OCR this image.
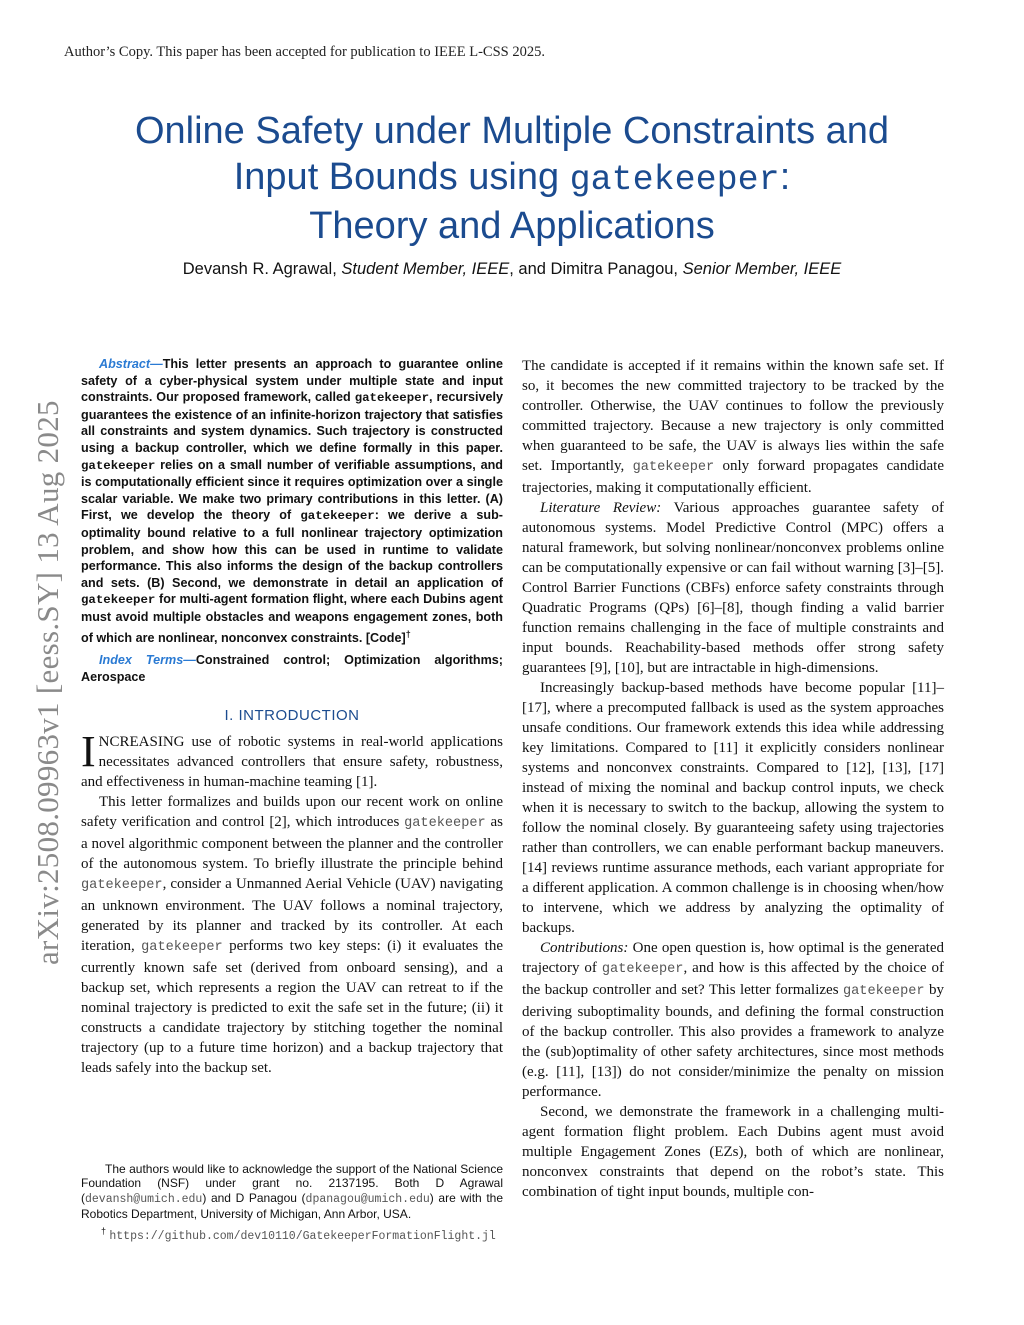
Author’s Copy. This paper has been accepted for publication to IEEE L-CSS 2025.
Online Safety under Multiple Constraints and
Input Bounds using gatekeeper:
Theory and Applications
Devansh R. Agrawal, Student Member, IEEE, and Dimitra Panagou, Senior Member, IEEE
arXiv:2508.09963v1 [eess.SY] 13 Aug 2025

Abstract—This letter presents an approach to guarantee online safety of a cyber-physical system under multiple state and input constraints. Our proposed framework, called gatekeeper, recursively guarantees the existence of an infinite-horizon trajectory that satisfies all constraints and system dynamics. Such trajectory is constructed using a backup controller, which we define formally in this paper. gatekeeper relies on a small number of verifiable assumptions, and is computationally efficient since it requires optimization over a single scalar variable. We make two primary contributions in this letter. (A) First, we develop the theory of gatekeeper: we derive a sub-optimality bound relative to a full nonlinear trajectory optimization problem, and show how this can be used in runtime to validate performance. This also informs the design of the backup controllers and sets. (B) Second, we demonstrate in detail an application of gatekeeper for multi-agent formation flight, where each Dubins agent must avoid multiple obstacles and weapons engagement zones, both of which are nonlinear, nonconvex constraints. [Code]†

Index Terms—Constrained control; Optimization algorithms; Aerospace

I. INTRODUCTION

INCREASING use of robotic systems in real-world applications necessitates advanced controllers that ensure safety, robustness, and effectiveness in human-machine teaming [1].

This letter formalizes and builds upon our recent work on online safety verification and control [2], which introduces gatekeeper as a novel algorithmic component between the planner and the controller of the autonomous system. To briefly illustrate the principle behind gatekeeper, consider a Unmanned Aerial Vehicle (UAV) navigating an unknown environment. The UAV follows a nominal trajectory, generated by its planner and tracked by its controller. At each iteration, gatekeeper performs two key steps: (i) it evaluates the currently known safe set (derived from onboard sensing), and a backup set, which represents a region the UAV can retreat to if the nominal trajectory is predicted to exit the safe set in the future; (ii) it constructs a candidate trajectory by stitching together the nominal trajectory (up to a future time horizon) and a backup trajectory that leads safely into the backup set.

The authors would like to acknowledge the support of the National Science Foundation (NSF) under grant no. 2137195. Both D Agrawal (devansh@umich.edu) and D Panagou (dpanagou@umich.edu) are with the Robotics Department, University of Michigan, Ann Arbor, USA.

† https://github.com/dev10110/GatekeeperFormationFlight.jl

The candidate is accepted if it remains within the known safe set. If so, it becomes the new committed trajectory to be tracked by the controller. Otherwise, the UAV continues to follow the previously committed trajectory. Because a new trajectory is only committed when guaranteed to be safe, the UAV is always lies within the safe set. Importantly, gatekeeper only forward propagates candidate trajectories, making it computationally efficient.

Literature Review: Various approaches guarantee safety of autonomous systems. Model Predictive Control (MPC) offers a natural framework, but solving nonlinear/nonconvex problems online can be computationally expensive or can fail without warning [3]–[5]. Control Barrier Functions (CBFs) enforce safety constraints through Quadratic Programs (QPs) [6]–[8], though finding a valid barrier function remains challenging in the face of multiple constraints and input bounds. Reachability-based methods offer strong safety guarantees [9], [10], but are intractable in high-dimensions.

Increasingly backup-based methods have become popular [11]–[17], where a precomputed fallback is used as the system approaches unsafe conditions. Our framework extends this idea while addressing key limitations. Compared to [11] it explicitly considers nonlinear systems and nonconvex constraints. Compared to [12], [13], [17] instead of mixing the nominal and backup control inputs, we check when it is necessary to switch to the backup, allowing the system to follow the nominal closely. By guaranteeing safety using trajectories rather than controllers, we can enable performant backup maneuvers. [14] reviews runtime assurance methods, each variant appropriate for a different application. A common challenge is in choosing when/how to intervene, which we address by analyzing the optimality of backups.

Contributions: One open question is, how optimal is the generated trajectory of gatekeeper, and how is this affected by the choice of the backup controller and set? This letter formalizes gatekeeper by deriving suboptimality bounds, and defining the formal construction of the backup controller. This also provides a framework to analyze the (sub)optimality of other safety architectures, since most methods (e.g. [11], [13]) do not consider/minimize the penalty on mission performance.

Second, we demonstrate the framework in a challenging multi-agent formation flight problem. Each Dubins agent must avoid multiple Engagement Zones (EZs), both of which are nonlinear, nonconvex constraints that depend on the robot’s state. This combination of tight input bounds, multiple con-
